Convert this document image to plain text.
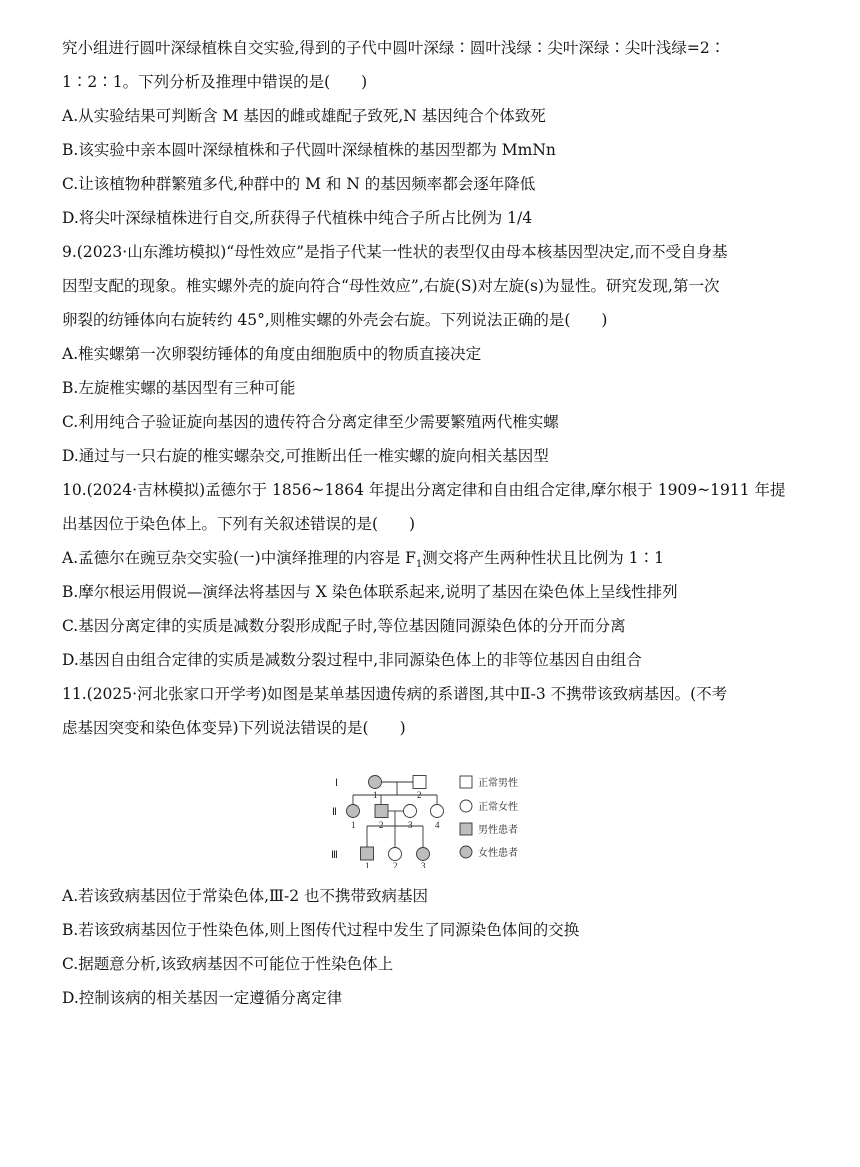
究小组进行圆叶深绿植株自交实验,得到的子代中圆叶深绿∶圆叶浅绿∶尖叶深绿∶尖叶浅绿=2∶
1∶2∶1。下列分析及推理中错误的是(　　)
A.从实验结果可判断含 M 基因的雌或雄配子致死,N 基因纯合个体致死
B.该实验中亲本圆叶深绿植株和子代圆叶深绿植株的基因型都为 MmNn
C.让该植物种群繁殖多代,种群中的 M 和 N 的基因频率都会逐年降低
D.将尖叶深绿植株进行自交,所获得子代植株中纯合子所占比例为 1/4
9.(2023·山东潍坊模拟)“母性效应”是指子代某一性状的表型仅由母本核基因型决定,而不受自身基
因型支配的现象。椎实螺外壳的旋向符合“母性效应”,右旋(S)对左旋(s)为显性。研究发现,第一次
卵裂的纺锤体向右旋转约 45°,则椎实螺的外壳会右旋。下列说法正确的是(　　)
A.椎实螺第一次卵裂纺锤体的角度由细胞质中的物质直接决定
B.左旋椎实螺的基因型有三种可能
C.利用纯合子验证旋向基因的遗传符合分离定律至少需要繁殖两代椎实螺
D.通过与一只右旋的椎实螺杂交,可推断出任一椎实螺的旋向相关基因型
10.(2024·吉林模拟)孟德尔于 1856~1864 年提出分离定律和自由组合定律,摩尔根于 1909~1911 年提
出基因位于染色体上。下列有关叙述错误的是(　　)
A.孟德尔在豌豆杂交实验(一)中演绎推理的内容是 $F_1$测交将产生两种性状且比例为 1∶1
B.摩尔根运用假说—演绎法将基因与 X 染色体联系起来,说明了基因在染色体上呈线性排列
C.基因分离定律的实质是减数分裂形成配子时,等位基因随同源染色体的分开而分离
D.基因自由组合定律的实质是减数分裂过程中,非同源染色体上的非等位基因自由组合
11.(2025·河北张家口开学考)如图是某单基因遗传病的系谱图,其中Ⅱ-3 不携带该致病基因。(不考
虑基因突变和染色体变异)下列说法错误的是(　　)
Ⅰ
Ⅱ
Ⅲ
1	2
1	2	3	4
1	2	3
正常男性
正常女性
男性患者
女性患者
A.若该致病基因位于常染色体,Ⅲ-2 也不携带致病基因
B.若该致病基因位于性染色体,则上图传代过程中发生了同源染色体间的交换
C.据题意分析,该致病基因不可能位于性染色体上
D.控制该病的相关基因一定遵循分离定律
